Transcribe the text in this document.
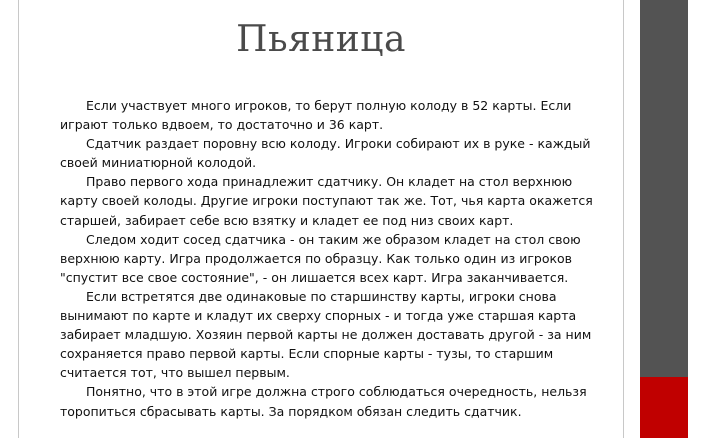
Пьяница

Если участвует много игроков, то берут полную колоду в 52 карты. Если играют только вдвоем, то достаточно и 36 карт.

Сдатчик раздает поровну всю колоду. Игроки собирают их в руке - каждый своей миниатюрной колодой.

Право первого хода принадлежит сдатчику. Он кладет на стол верхнюю карту своей колоды. Другие игроки поступают так же. Тот, чья карта окажется старшей, забирает себе всю взятку и кладет ее под низ своих карт.

Следом ходит сосед сдатчика - он таким же образом кладет на стол свою верхнюю карту. Игра продолжается по образцу. Как только один из игроков "спустит все свое состояние", - он лишается всех карт. Игра заканчивается.

Если встретятся две одинаковые по старшинству карты, игроки снова вынимают по карте и кладут их сверху спорных - и тогда уже старшая карта забирает младшую. Хозяин первой карты не должен доставать другой - за ним сохраняется право первой карты. Если спорные карты - тузы, то старшим считается тот, что вышел первым.

Понятно, что в этой игре должна строго соблюдаться очередность, нельзя торопиться сбрасывать карты. За порядком обязан следить сдатчик.
